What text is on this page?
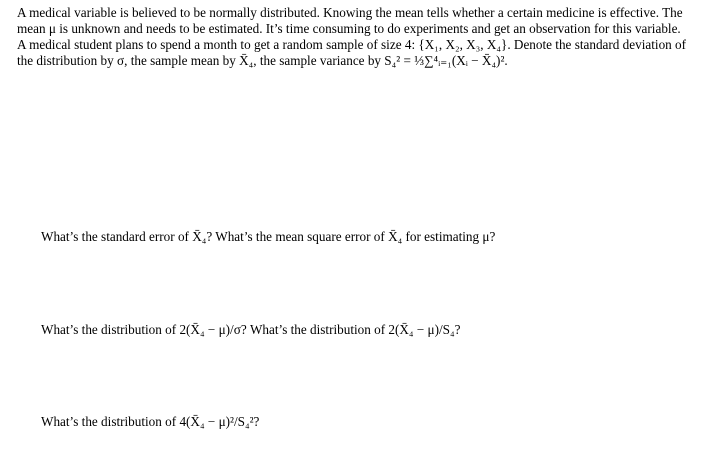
A medical variable is believed to be normally distributed. Knowing the mean tells whether a certain medicine is effective. The
mean μ is unknown and needs to be estimated. It’s time consuming to do experiments and get an observation for this variable.
A medical student plans to spend a month to get a random sample of size 4: {X₁, X₂, X₃, X₄}. Denote the standard deviation of
the distribution by σ, the sample mean by X̄₄, the sample variance by S₄² = ⅓∑⁴ᵢ₌₁(Xᵢ − X̄₄)².
What’s the standard error of X̄₄? What’s the mean square error of X̄₄ for estimating μ?
What’s the distribution of 2(X̄₄ − μ)/σ? What’s the distribution of 2(X̄₄ − μ)/S₄?
What’s the distribution of 4(X̄₄ − μ)²/S₄²?
